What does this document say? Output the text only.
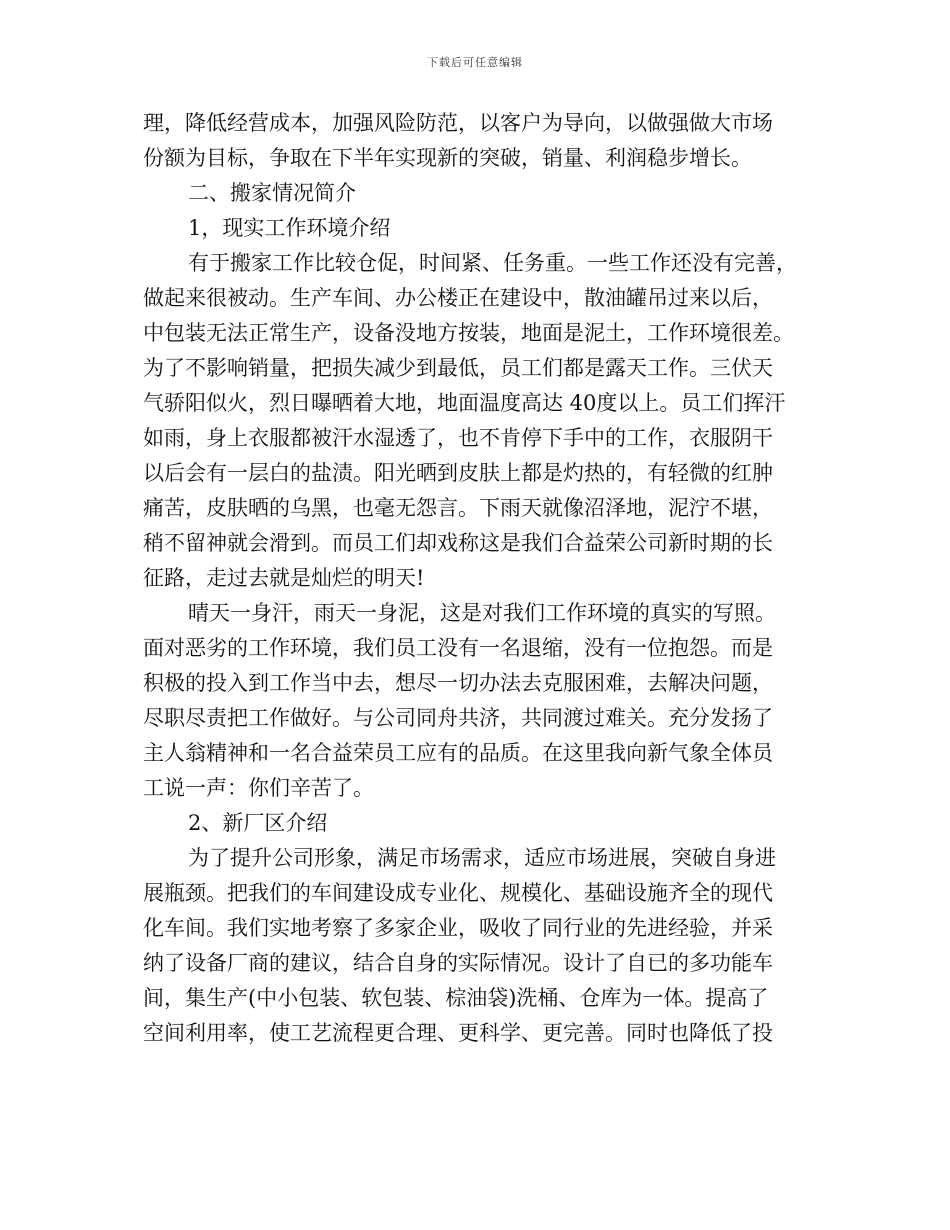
下载后可任意编辑
理，降低经营成本，加强风险防范，以客户为导向，以做强做大市场
份额为目标，争取在下半年实现新的突破，销量、利润稳步增长。
二、搬家情况简介
1，现实工作环境介绍
有于搬家工作比较仓促，时间紧、任务重。一些工作还没有完善，
做起来很被动。生产车间、办公楼正在建设中，散油罐吊过来以后，
中包装无法正常生产，设备没地方按装，地面是泥土，工作环境很差。
为了不影响销量，把损失减少到最低，员工们都是露天工作。三伏天
气骄阳似火，烈日曝晒着大地，地面温度高达 40度以上。员工们挥汗
如雨，身上衣服都被汗水湿透了，也不肯停下手中的工作，衣服阴干
以后会有一层白的盐渍。阳光晒到皮肤上都是灼热的，有轻微的红肿
痛苦，皮肤晒的乌黑，也毫无怨言。下雨天就像沼泽地，泥泞不堪，
稍不留神就会滑到。而员工们却戏称这是我们合益荣公司新时期的长
征路，走过去就是灿烂的明天!
晴天一身汗，雨天一身泥，这是对我们工作环境的真实的写照。
面对恶劣的工作环境，我们员工没有一名退缩，没有一位抱怨。而是
积极的投入到工作当中去，想尽一切办法去克服困难，去解决问题，
尽职尽责把工作做好。与公司同舟共济，共同渡过难关。充分发扬了
主人翁精神和一名合益荣员工应有的品质。在这里我向新气象全体员
工说一声：你们辛苦了。
2、新厂区介绍
为了提升公司形象，满足市场需求，适应市场进展，突破自身进
展瓶颈。把我们的车间建设成专业化、规模化、基础设施齐全的现代
化车间。我们实地考察了多家企业，吸收了同行业的先进经验，并采
纳了设备厂商的建议，结合自身的实际情况。设计了自已的多功能车
间，集生产(中小包装、软包装、棕油袋)洗桶、仓库为一体。提高了
空间利用率，使工艺流程更合理、更科学、更完善。同时也降低了投
